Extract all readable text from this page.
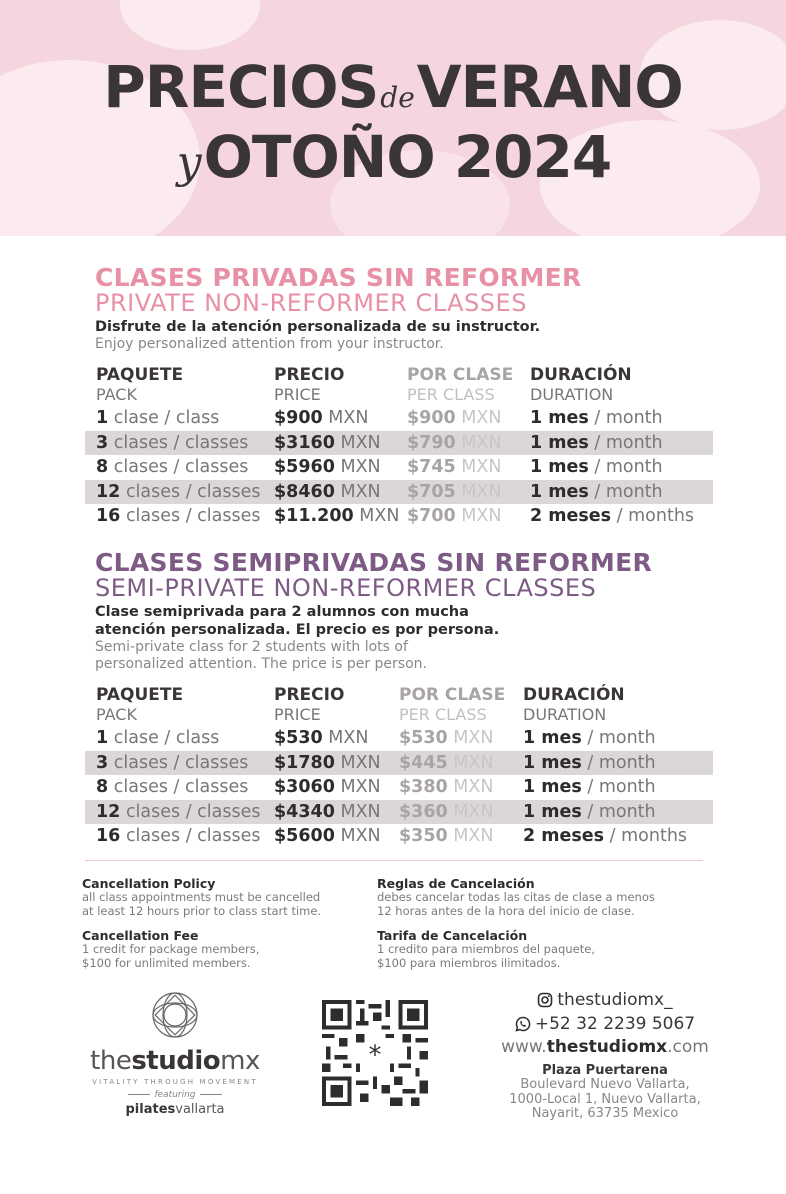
PRECIOSdeVERANO
yOTOÑO 2024
CLASES PRIVADAS SIN REFORMER
PRIVATE NON-REFORMER CLASSES
Disfrute de la atención personalizada de su instructor.
Enjoy personalized attention from your instructor.
PAQUETE
PACK
PRECIO
PRICE
POR CLASE
PER CLASS
DURACIÓN
DURATION
1 clase / class	$900 MXN $900 MXN 1 mes / month
3 clases / classes $3160 MXN $790 MXN 1 mes / month
8 clases / classes $5960 MXN $745 MXN 1 mes / month
12 clases / classes $8460 MXN $705 MXN 1 mes / month
16 clases / classes $11.200 MXN $700 MXN 2 meses / months
CLASES SEMIPRIVADAS SIN REFORMER
SEMI-PRIVATE NON-REFORMER CLASSES
Clase semiprivada para 2 alumnos con mucha
atención personalizada. El precio es por persona.
Semi-private class for 2 students with lots of
personalized attention. The price is per person.
PAQUETE
PACK
PRECIO
PRICE
POR CLASE
PER CLASS
DURACIÓN
DURATION
1 clase / class	$530 MXN $530 MXN 1 mes / month
3 clases / classes $1780 MXN $445 MXN 1 mes / month
8 clases / classes $3060 MXN $380 MXN 1 mes / month
12 clases / classes $4340 MXN $360 MXN 1 mes / month
16 clases / classes $5600 MXN $350 MXN 2 meses / months
Cancellation Policy
all class appointments must be cancelled
at least 12 hours prior to class start time.
Cancellation Fee
1 credit for package members,
$100 for unlimited members.
Reglas de Cancelación
debes cancelar todas las citas de clase a menos
12 horas antes de la hora del inicio de clase.
Tarifa de Cancelación
1 credito para miembros del paquete,
$100 para miembros ilimitados.
thestudiomx
VITALITY THROUGH MOVEMENT
featuring
pilatesvallarta
*
thestudiomx_
+52 32 2239 5067
www.thestudiomx.com
Plaza Puertarena
Boulevard Nuevo Vallarta,
1000-Local 1, Nuevo Vallarta,
Nayarit, 63735 Mexico
